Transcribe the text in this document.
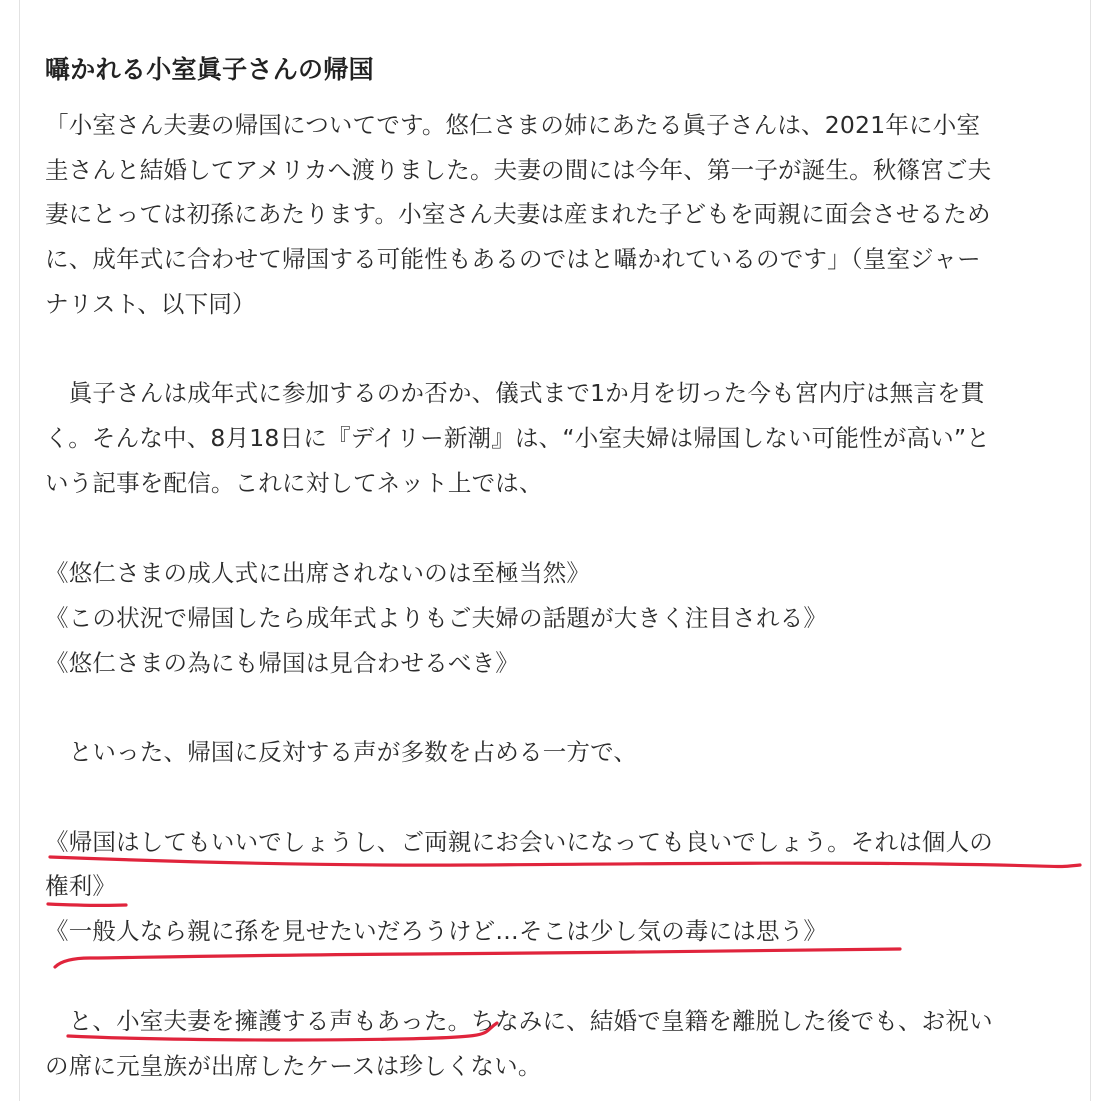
囁かれる小室眞子さんの帰国

「小室さん夫妻の帰国についてです。悠仁さまの姉にあたる眞子さんは、2021年に小室

圭さんと結婚してアメリカへ渡りました。夫妻の間には今年、第一子が誕生。秋篠宮ご夫

妻にとっては初孫にあたります。小室さん夫妻は産まれた子どもを両親に面会させるため

に、成年式に合わせて帰国する可能性もあるのではと囁かれているのです」（皇室ジャー

ナリスト、以下同）

　眞子さんは成年式に参加するのか否か、儀式まで1か月を切った今も宮内庁は無言を貫

く。そんな中、8月18日に『デイリー新潮』は、“小室夫婦は帰国しない可能性が高い”と

いう記事を配信。これに対してネット上では、

《悠仁さまの成人式に出席されないのは至極当然》

《この状況で帰国したら成年式よりもご夫婦の話題が大きく注目される》

《悠仁さまの為にも帰国は見合わせるべき》

　といった、帰国に反対する声が多数を占める一方で、

《帰国はしてもいいでしょうし、ご両親にお会いになっても良いでしょう。それは個人の

権利》

《一般人なら親に孫を見せたいだろうけど…そこは少し気の毒には思う》

　と、小室夫妻を擁護する声もあった。ちなみに、結婚で皇籍を離脱した後でも、お祝い

の席に元皇族が出席したケースは珍しくない。
